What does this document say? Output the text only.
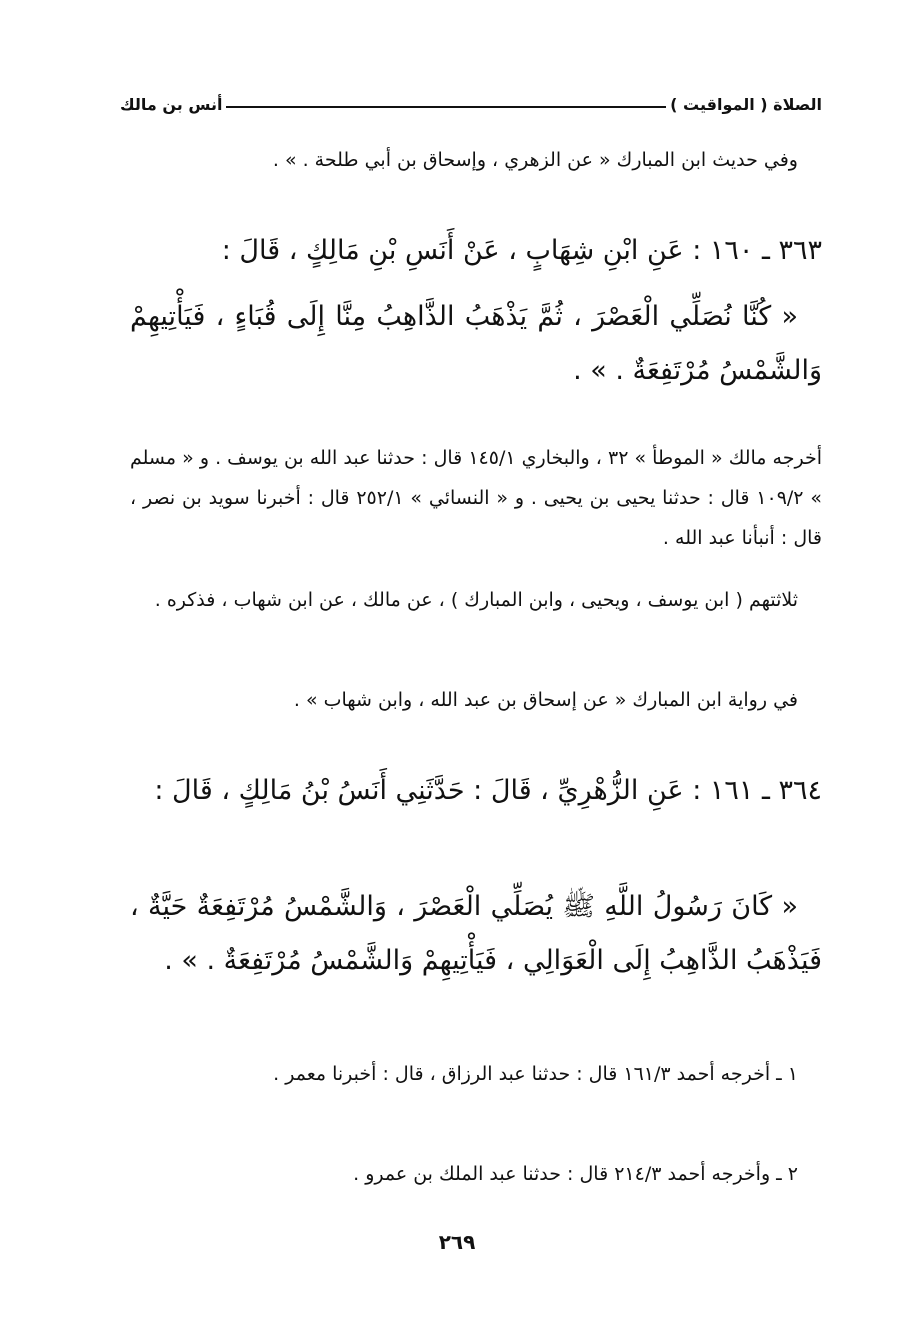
الصلاة ( المواقيت )
أنس بن مالك
وفي حديث ابن المبارك « عن الزهري ، وإسحاق بن أبي طلحة . » .
٣٦٣ ـ ١٦٠ : عَنِ ابْنِ شِهَابٍ ، عَنْ أَنَسِ بْنِ مَالِكٍ ، قَالَ :
« كُنَّا نُصَلِّي الْعَصْرَ ، ثُمَّ يَذْهَبُ الذَّاهِبُ مِنَّا إِلَى قُبَاءٍ ، فَيَأْتِيهِمْ وَالشَّمْسُ مُرْتَفِعَةٌ . » .
أخرجه مالك « الموطأ » ٣٢ ، والبخاري ١٤٥/١ قال : حدثنا عبد الله بن يوسف . و « مسلم » ١٠٩/٢ قال : حدثنا يحيى بن يحيى . و « النسائي » ٢٥٢/١ قال : أخبرنا سويد بن نصر ، قال : أنبأنا عبد الله .
ثلاثتهم ( ابن يوسف ، ويحيى ، وابن المبارك ) ، عن مالك ، عن ابن شهاب ، فذكره .
في رواية ابن المبارك « عن إسحاق بن عبد الله ، وابن شهاب » .
٣٦٤ ـ ١٦١ : عَنِ الزُّهْرِيِّ ، قَالَ : حَدَّثَنِي أَنَسُ بْنُ مَالِكٍ ، قَالَ :
« كَانَ رَسُولُ اللَّهِ ﷺ يُصَلِّي الْعَصْرَ ، وَالشَّمْسُ مُرْتَفِعَةٌ حَيَّةٌ ، فَيَذْهَبُ الذَّاهِبُ إِلَى الْعَوَالِي ، فَيَأْتِيهِمْ وَالشَّمْسُ مُرْتَفِعَةٌ . » .
١ ـ أخرجه أحمد ١٦١/٣ قال : حدثنا عبد الرزاق ، قال : أخبرنا معمر .
٢ ـ وأخرجه أحمد ٢١٤/٣ قال : حدثنا عبد الملك بن عمرو .
٢٦٩
